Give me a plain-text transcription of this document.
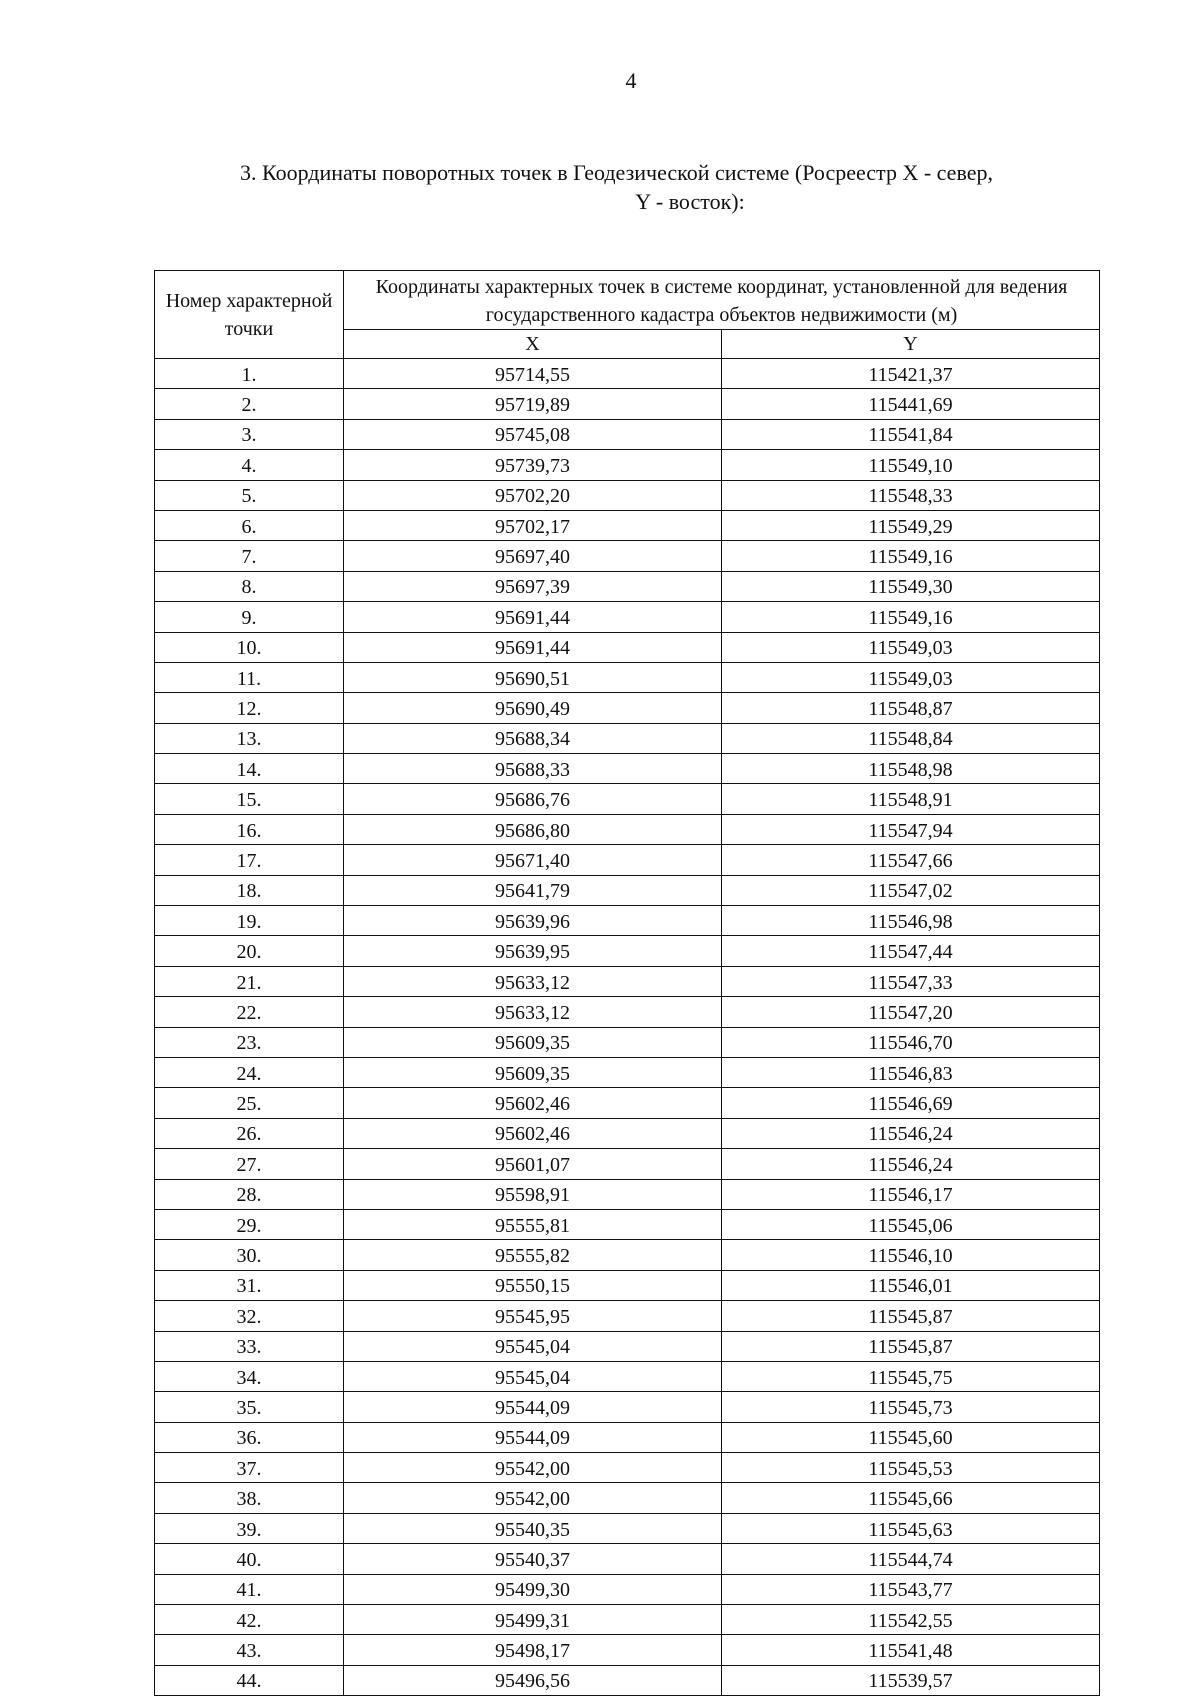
4
3. Координаты поворотных точек в Геодезической системе (Росреестр X - север,
Y - восток):
Номер характерной точки	Координаты характерных точек в системе координат, установленной для ведения государственного кадастра объектов недвижимости (м)	
	X	Y
1.	95714,55	115421,37
2.	95719,89	115441,69
3.	95745,08	115541,84
4.	95739,73	115549,10
5.	95702,20	115548,33
6.	95702,17	115549,29
7.	95697,40	115549,16
8.	95697,39	115549,30
9.	95691,44	115549,16
10.	95691,44	115549,03
11.	95690,51	115549,03
12.	95690,49	115548,87
13.	95688,34	115548,84
14.	95688,33	115548,98
15.	95686,76	115548,91
16.	95686,80	115547,94
17.	95671,40	115547,66
18.	95641,79	115547,02
19.	95639,96	115546,98
20.	95639,95	115547,44
21.	95633,12	115547,33
22.	95633,12	115547,20
23.	95609,35	115546,70
24.	95609,35	115546,83
25.	95602,46	115546,69
26.	95602,46	115546,24
27.	95601,07	115546,24
28.	95598,91	115546,17
29.	95555,81	115545,06
30.	95555,82	115546,10
31.	95550,15	115546,01
32.	95545,95	115545,87
33.	95545,04	115545,87
34.	95545,04	115545,75
35.	95544,09	115545,73
36.	95544,09	115545,60
37.	95542,00	115545,53
38.	95542,00	115545,66
39.	95540,35	115545,63
40.	95540,37	115544,74
41.	95499,30	115543,77
42.	95499,31	115542,55
43.	95498,17	115541,48
44.	95496,56	115539,57
